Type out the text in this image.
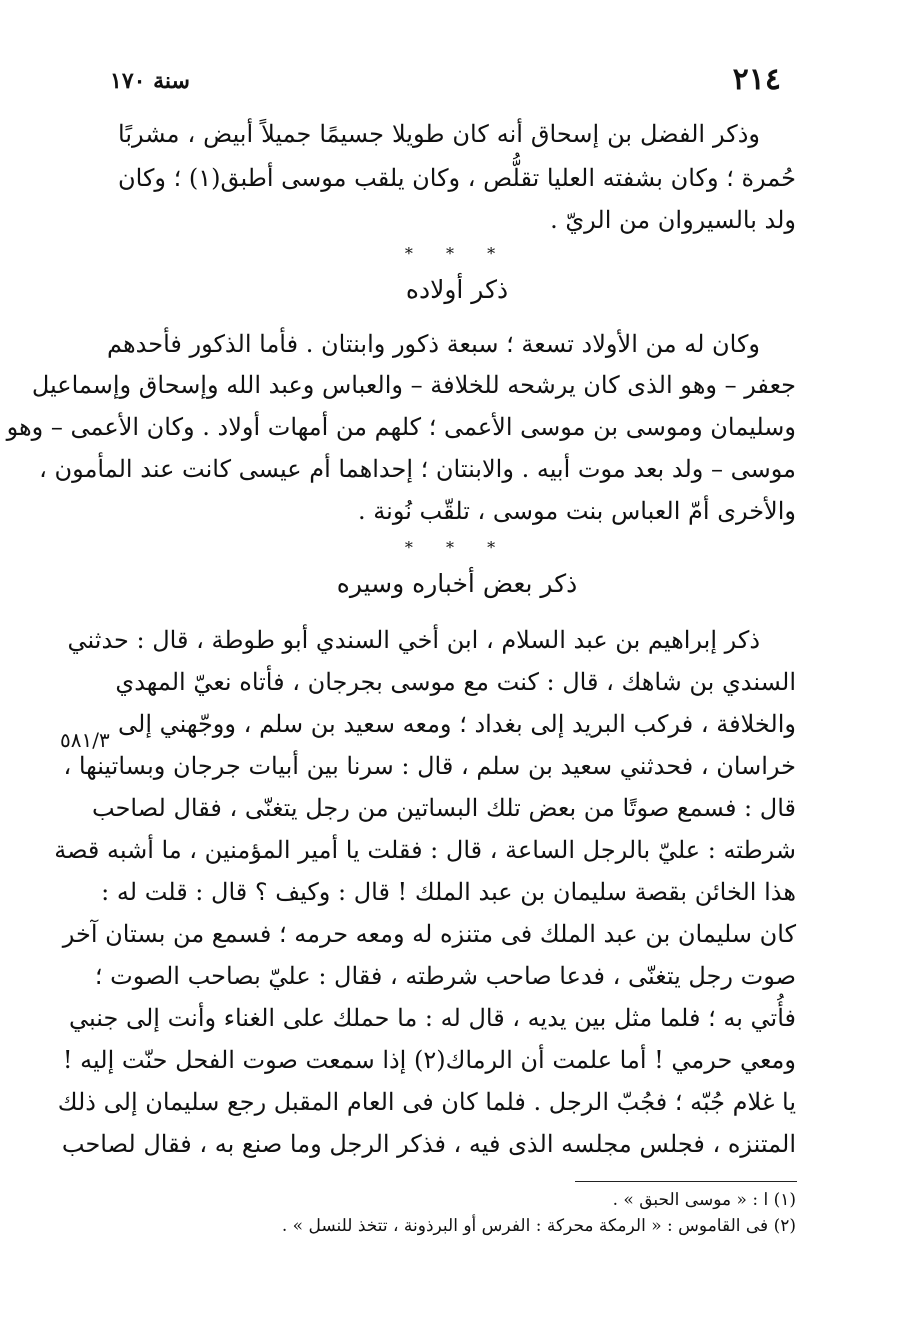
٢١٤
سنة ١٧٠
وذكر الفضل بن إسحاق أنه كان طويلا جسيمًا جميلاً أبيض ، مشربًا
حُمرة ؛ وكان بشفته العليا تقلُّص ، وكان يلقب موسى أطبق(١) ؛ وكان
ولد بالسيروان من الريّ .
* * *
ذكر أولاده
وكان له من الأولاد تسعة ؛ سبعة ذكور وابنتان . فأما الذكور فأحدهم
جعفر – وهو الذى كان يرشحه للخلافة – والعباس وعبد الله وإسحاق وإسماعيل
وسليمان وموسى بن موسى الأعمى ؛ كلهم من أمهات أولاد . وكان الأعمى – وهو
موسى – ولد بعد موت أبيه . والابنتان ؛ إحداهما أم عيسى كانت عند المأمون ،
والأخرى أمّ العباس بنت موسى ، تلقّب نُونة .
* * *
ذكر بعض أخباره وسيره
ذكر إبراهيم بن عبد السلام ، ابن أخي السندي أبو طوطة ، قال : حدثني
السندي بن شاهك ، قال : كنت مع موسى بجرجان ، فأتاه نعيّ المهدي
والخلافة ، فركب البريد إلى بغداد ؛ ومعه سعيد بن سلم ، ووجّهني إلى
خراسان ، فحدثني سعيد بن سلم ، قال : سرنا بين أبيات جرجان وبساتينها ،
قال : فسمع صوتًا من بعض تلك البساتين من رجل يتغنّى ، فقال لصاحب
شرطته : عليّ بالرجل الساعة ، قال : فقلت يا أمير المؤمنين ، ما أشبه قصة
هذا الخائن بقصة سليمان بن عبد الملك ! قال : وكيف ؟ قال : قلت له :
كان سليمان بن عبد الملك فى متنزه له ومعه حرمه ؛ فسمع من بستان آخر
صوت رجل يتغنّى ، فدعا صاحب شرطته ، فقال : عليّ بصاحب الصوت ؛
فأُتي به ؛ فلما مثل بين يديه ، قال له : ما حملك على الغناء وأنت إلى جنبي
ومعي حرمي ! أما علمت أن الرماك(٢) إذا سمعت صوت الفحل حنّت إليه !
يا غلام جُبّه ؛ فجُبّ الرجل . فلما كان فى العام المقبل رجع سليمان إلى ذلك
المتنزه ، فجلس مجلسه الذى فيه ، فذكر الرجل وما صنع به ، فقال لصاحب
٥٨١/٣
(١) ا : « موسى الحبق » .
(٢) فى القاموس : « الرمكة محركة : الفرس أو البرذونة ، تتخذ للنسل » .
